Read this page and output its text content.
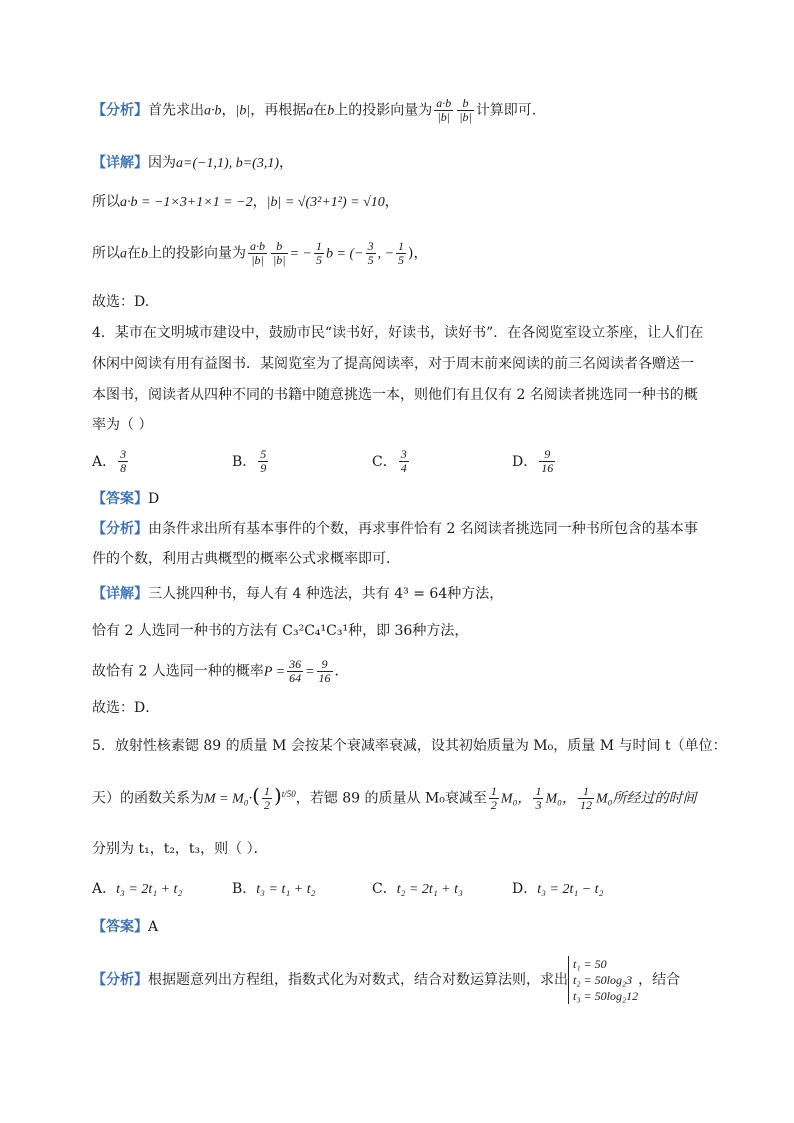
【分析】首先求出a·b，|b|，再根据a在b上的投影向量为 $\frac{a\cdot b}{|b|} \frac{b}{|b|}$ 计算即可.
【详解】因为a=(−1,1), b=(3,1)，
所以a·b = −1×3+1×1 = −2，|b| = √(3²+1²) = √10，
所以a在b上的投影向量为 $\frac{a\cdot b}{|b|} \frac{b}{|b|}$ = − $\frac{1}{5}$ b = (− $\frac{3}{5}$ , − $\frac{1}{5}$ )，
故选：D.
4．某市在文明城市建设中，鼓励市民“读书好，好读书，读好书”．在各阅览室设立茶座，让人们在
休闲中阅读有用有益图书．某阅览室为了提高阅读率，对于周末前来阅读的前三名阅读者各赠送一
本图书，阅读者从四种不同的书籍中随意挑选一本，则他们有且仅有 2 名阅读者挑选同一种书的概
率为（ ）
A． $\frac{3}{8}$	B． $\frac{5}{9}$	C． $\frac{3}{4}$	D． $\frac{9}{16}$
【答案】D
【分析】由条件求出所有基本事件的个数，再求事件恰有 2 名阅读者挑选同一种书所包含的基本事
件的个数，利用古典概型的概率公式求概率即可．
【详解】三人挑四种书，每人有 4 种选法，共有 4³ = 64种方法，
恰有 2 人选同一种书的方法有 C₃²C₄¹C₃¹种，即 36种方法，
故恰有 2 人选同一种的概率$P = \frac{36}{64} = \frac{9}{16}$ ．
故选：D．
5．放射性核素锶 89 的质量 M 会按某个衰减率衰减，设其初始质量为 M₀，质量 M 与时间 t（单位：
天）的函数关系为$M = M_0\cdot( \frac{1}{2} )^{t/50}$，若锶 89 的质量从 M₀衰减至 $\frac{1}{2} M_0$， $\frac{1}{3} M_0$， $\frac{1}{12} M_0$所经过的时间
分别为 t₁，t₂，t₃，则（ ）．
A．t₃ = 2t₁ + t₂	B．t₃ = t₁ + t₂	C．t₂ = 2t₁ + t₃	D．t₃ = 2t₁ − t₂
【答案】A
【分析】根据题意列出方程组，指数式化为对数式，结合对数运算法则，求出
t₁ = 50
t₂ = 50log₂3
t₃ = 50log₂12
，结合
